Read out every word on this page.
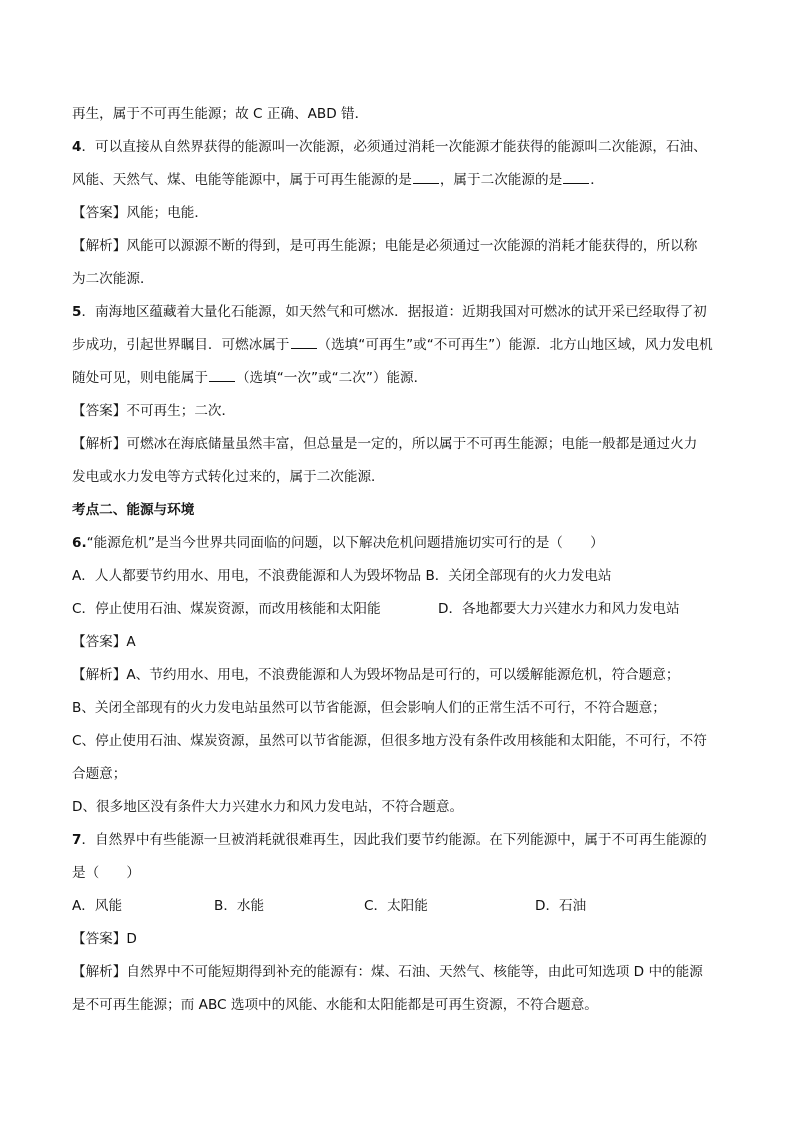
再生，属于不可再生能源；故 C 正确、ABD 错．
4．可以直接从自然界获得的能源叫一次能源，必须通过消耗一次能源才能获得的能源叫二次能源，石油、
风能、天然气、煤、电能等能源中，属于可再生能源的是 ，属于二次能源的是 ．
【答案】风能；电能．
【解析】风能可以源源不断的得到，是可再生能源；电能是必须通过一次能源的消耗才能获得的，所以称
为二次能源．
5．南海地区蕴藏着大量化石能源，如天然气和可燃冰．据报道：近期我国对可燃冰的试开采已经取得了初
步成功，引起世界瞩目．可燃冰属于 （选填“可再生”或“不可再生”）能源．北方山地区域，风力发电机
随处可见，则电能属于 （选填“一次”或“二次”）能源．
【答案】不可再生；二次．
【解析】可燃冰在海底储量虽然丰富，但总量是一定的，所以属于不可再生能源；电能一般都是通过火力
发电或水力发电等方式转化过来的，属于二次能源．
考点二、能源与环境
6.“能源危机”是当今世界共同面临的问题，以下解决危机问题措施切实可行的是（　　）
A．人人都要节约用水、用电，不浪费能源和人为毁坏物品 B．关闭全部现有的火力发电站
C．停止使用石油、煤炭资源，而改用核能和太阳能	D．各地都要大力兴建水力和风力发电站
【答案】A
【解析】A、节约用水、用电，不浪费能源和人为毁坏物品是可行的，可以缓解能源危机，符合题意；
B、关闭全部现有的火力发电站虽然可以节省能源，但会影响人们的正常生活不可行，不符合题意；
C、停止使用石油、煤炭资源，虽然可以节省能源，但很多地方没有条件改用核能和太阳能，不可行，不符
合题意；
D、很多地区没有条件大力兴建水力和风力发电站，不符合题意。
7．自然界中有些能源一旦被消耗就很难再生，因此我们要节约能源。在下列能源中，属于不可再生能源的
是（　　）
A．风能	B．水能	C．太阳能	D．石油
【答案】D
【解析】自然界中不可能短期得到补充的能源有：煤、石油、天然气、核能等，由此可知选项 D 中的能源
是不可再生能源；而 ABC 选项中的风能、水能和太阳能都是可再生资源，不符合题意。
